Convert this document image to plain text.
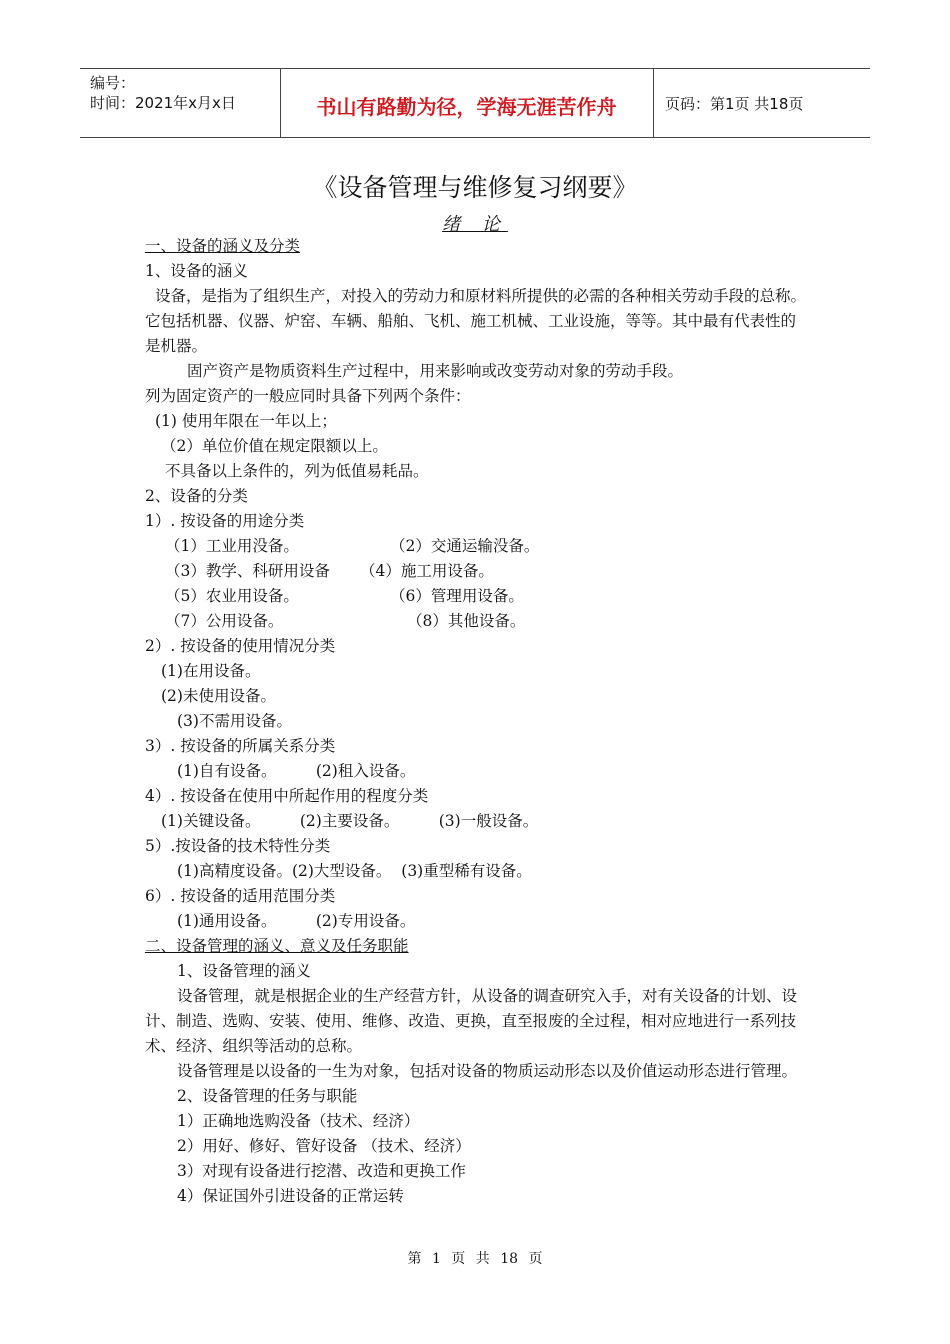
编号：
时间：2021年x月x日	书山有路勤为径，学海无涯苦作舟	页码：第1页 共18页
《设备管理与维修复习纲要》
绪 论

一、设备的涵义及分类

1、设备的涵义

设备，是指为了组织生产，对投入的劳动力和原材料所提供的必需的各种相关劳动手段的总称。它包括机器、仪器、炉窑、车辆、船舶、飞机、施工机械、工业设施，等等。其中最有代表性的是机器。

固产资产是物质资料生产过程中，用来影响或改变劳动对象的劳动手段。

列为固定资产的一般应同时具备下列两个条件：

(1) 使用年限在一年以上；

（2）单位价值在规定限额以上。

不具备以上条件的，列为低值易耗品。

2、设备的分类

1）. 按设备的用途分类

（1）工业用没备。	（2）交通运输没备。
（3）教学、科研用设备	（4）施工用设备。
（5）农业用设备。	（6）管理用设备。
（7）公用设备。	（8）其他设备。

2）. 按设备的使用情况分类

(1)在用设备。

(2)未使用设备。

(3)不需用设备。

3）. 按设备的所属关系分类

(1)自有设备。        (2)租入设备。

4）. 按设备在使用中所起作用的程度分类

(1)关键设备。        (2)主要设备。        (3)一般设备。

5）.按设备的技术特性分类

(1)高精度设备。(2)大型设备。  (3)重型稀有设备。

6）. 按设备的适用范围分类

(1)通用设备。        (2)专用设备。

二、设备管理的涵义、意义及任务职能

1、设备管理的涵义

设备管理，就是根据企业的生产经营方针，从设备的调查研究入手，对有关设备的计划、设计、制造、选购、安装、使用、维修、改造、更换，直至报废的全过程，相对应地进行一系列技术、经济、组织等活动的总称。

设备管理是以设备的一生为对象，包括对设备的物质运动形态以及价值运动形态进行管理。

2、设备管理的任务与职能

1）正确地选购没备（技术、经济）

2）用好、修好、管好设备 （技术、经济）

3）对现有设备进行挖潜、改造和更换工作

4）保证国外引进设备的正常运转

第 1 页 共 18 页
